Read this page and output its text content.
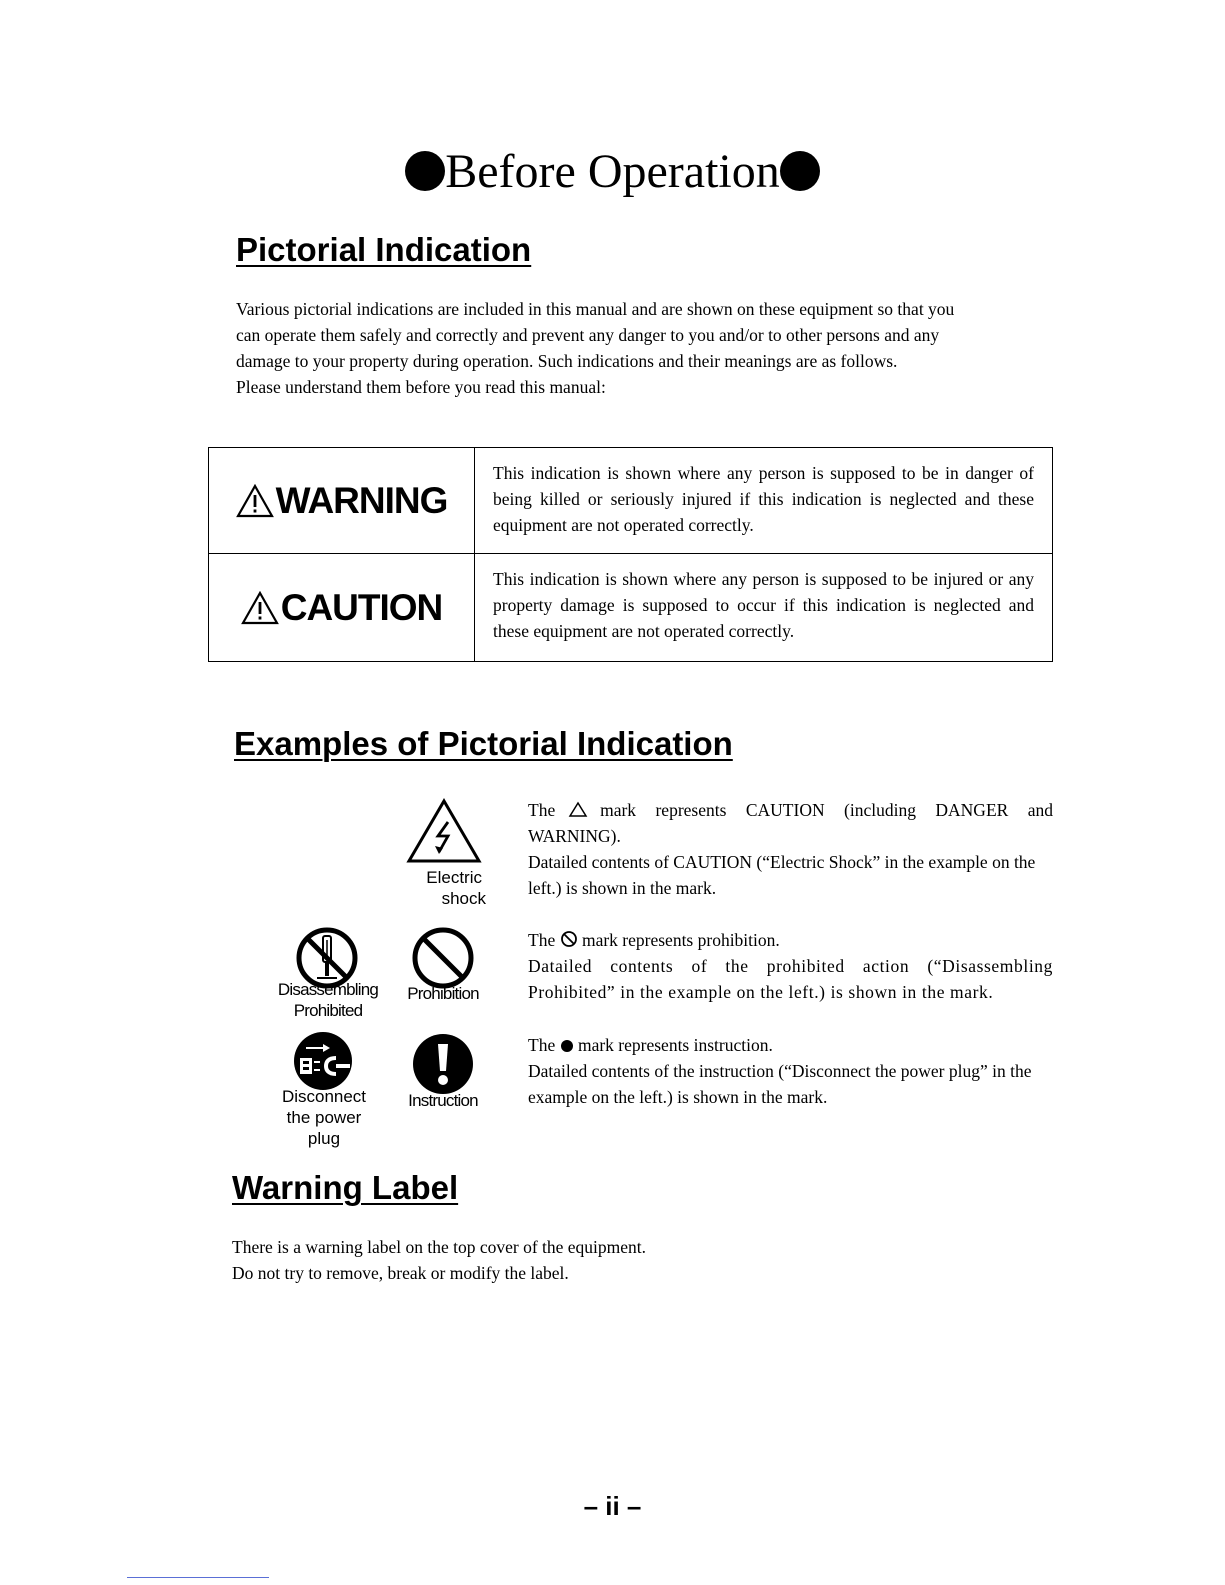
Before Operation
Pictorial Indication

Various pictorial indications are included in this manual and are shown on these equipment so that you

can operate them safely and correctly and prevent any danger to you and/or to other persons and any

damage to your property during operation. Such indications and their meanings are as follows.

Please understand them before you read this manual:

WARNING
This indication is shown where any person is supposed to be in danger of being killed or seriously injured if this indication is neglected and these equipment are not operated correctly.
CAUTION
This indication is shown where any person is supposed to be injured or any property damage is supposed to occur if this indication is neglected and these equipment are not operated correctly.
Examples of Pictorial Indication
Electric
shock
Disassembling
Prohibited
Prohibition
Disconnect
the power
plug
Instruction

The	mark represents CAUTION (including DANGER and WARNING).

Datailed contents of CAUTION (“Electric Shock” in the example on the left.) is shown in the mark.

The mark represents prohibition.

Datailed contents of the prohibited action (“Disassembling Prohibited” in the example on the left.) is shown in the mark.

The mark represents instruction.

Datailed contents of the instruction (“Disconnect the power plug” in the example on the left.) is shown in the mark.

Warning Label

There is a warning label on the top cover of the equipment.

Do not try to remove, break or modify the label.

– ii –
